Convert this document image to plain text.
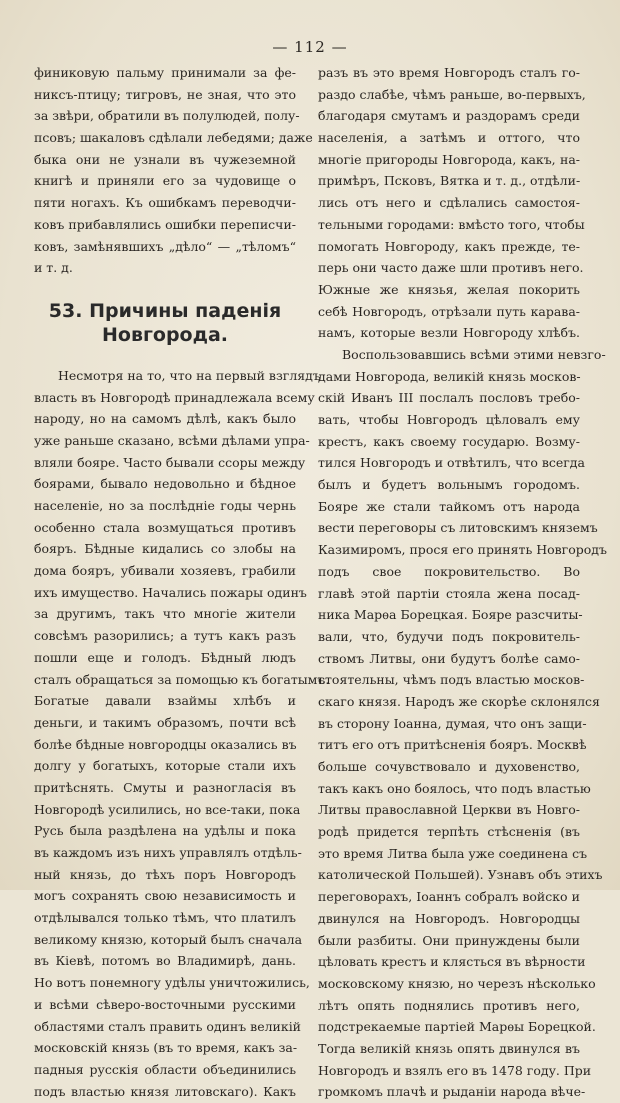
— 112 —
финиковую пальму принимали за фе-
никсъ-птицу; тигровъ, не зная, что это
за звѣри, обратили въ полулюдей, полу-
псовъ; шакаловъ сдѣлали лебедями; даже
быка они не узнали въ чужеземной
книгѣ и приняли его за чудовище о
пяти ногахъ. Къ ошибкамъ переводчи-
ковъ прибавлялись ошибки переписчи-
ковъ, замѣнявшихъ „дѣло“ — „тѣломъ“
и т. д.
53. Причины паденія
Новгорода.
Несмотря на то, что на первый взглядъ
власть въ Новгородѣ принадлежала всему
народу, но на самомъ дѣлѣ, какъ было
уже раньше сказано, всѣми дѣлами упра-
вляли бояре. Часто бывали ссоры между
боярами, бывало недовольно и бѣдное
населеніе, но за послѣдніе годы чернь
особенно стала возмущаться противъ
бояръ. Бѣдные кидались со злобы на
дома бояръ, убивали хозяевъ, грабили
ихъ имущество. Начались пожары одинъ
за другимъ, такъ что многіе жители
совсѣмъ разорились; а тутъ какъ разъ
пошли еще и голодъ. Бѣдный людъ
сталъ обращаться за помощью къ богатымъ.
Богатые давали взаймы хлѣбъ и
деньги, и такимъ образомъ, почти всѣ
болѣе бѣдные новгородцы оказались въ
долгу у богатыхъ, которые стали ихъ
притѣснять. Смуты и разногласія въ
Новгородѣ усилились, но все-таки, пока
Русь была раздѣлена на удѣлы и пока
въ каждомъ изъ нихъ управлялъ отдѣль-
ный князь, до тѣхъ поръ Новгородъ
могъ сохранять свою независимость и
отдѣлывался только тѣмъ, что платилъ
великому князю, который былъ сначала
въ Кіевѣ, потомъ во Владимирѣ, дань.
Но вотъ понемногу удѣлы уничтожились,
и всѣми сѣверо-восточными русскими
областями сталъ править одинъ великій
московскій князь (въ то время, какъ за-
падныя русскія области объединились
подъ властью князя литовскаго). Какъ
разъ въ это время Новгородъ сталъ го-
раздо слабѣе, чѣмъ раньше, во-первыхъ,
благодаря смутамъ и раздорамъ среди
населенія, а затѣмъ и оттого, что
многіе пригороды Новгорода, какъ, на-
примѣръ, Псковъ, Вятка и т. д., отдѣли-
лись отъ него и сдѣлались самостоя-
тельными городами: вмѣсто того, чтобы
помогать Новгороду, какъ прежде, те-
перь они часто даже шли противъ него.
Южные же князья, желая покорить
себѣ Новгородъ, отрѣзали путь карава-
намъ, которые везли Новгороду хлѣбъ.
Воспользовавшись всѣми этими невзго-
дами Новгорода, великій князь москов-
скій Иванъ III послалъ пословъ требо-
вать, чтобы Новгородъ цѣловалъ ему
крестъ, какъ своему государю. Возму-
тился Новгородъ и отвѣтилъ, что всегда
былъ и будетъ вольнымъ городомъ.
Бояре же стали тайкомъ отъ народа
вести переговоры съ литовскимъ княземъ
Казимиромъ, прося его принять Новгородъ
подъ свое покровительство. Во
главѣ этой партіи стояла жена посад-
ника Марѳа Борецкая. Бояре разсчиты-
вали, что, будучи подъ покровитель-
ствомъ Литвы, они будутъ болѣе само-
стоятельны, чѣмъ подъ властью москов-
скаго князя. Народъ же скорѣе склонялся
въ сторону Іоанна, думая, что онъ защи-
титъ его отъ притѣсненія бояръ. Москвѣ
больше сочувствовало и духовенство,
такъ какъ оно боялось, что подъ властью
Литвы православной Церкви въ Новго-
родѣ придется терпѣть стѣсненія (въ
это время Литва была уже соединена съ
католической Польшей). Узнавъ объ этихъ
переговорахъ, Іоаннъ собралъ войско и
двинулся на Новгородъ. Новгородцы
были разбиты. Они принуждены были
цѣловать крестъ и клясться въ вѣрности
московскому князю, но черезъ нѣсколько
лѣтъ опять поднялись противъ него,
подстрекаемые партіей Марѳы Борецкой.
Тогда великій князь опять двинулся въ
Новгородъ и взялъ его въ 1478 году. При
громкомъ плачѣ и рыданіи народа вѣче-
